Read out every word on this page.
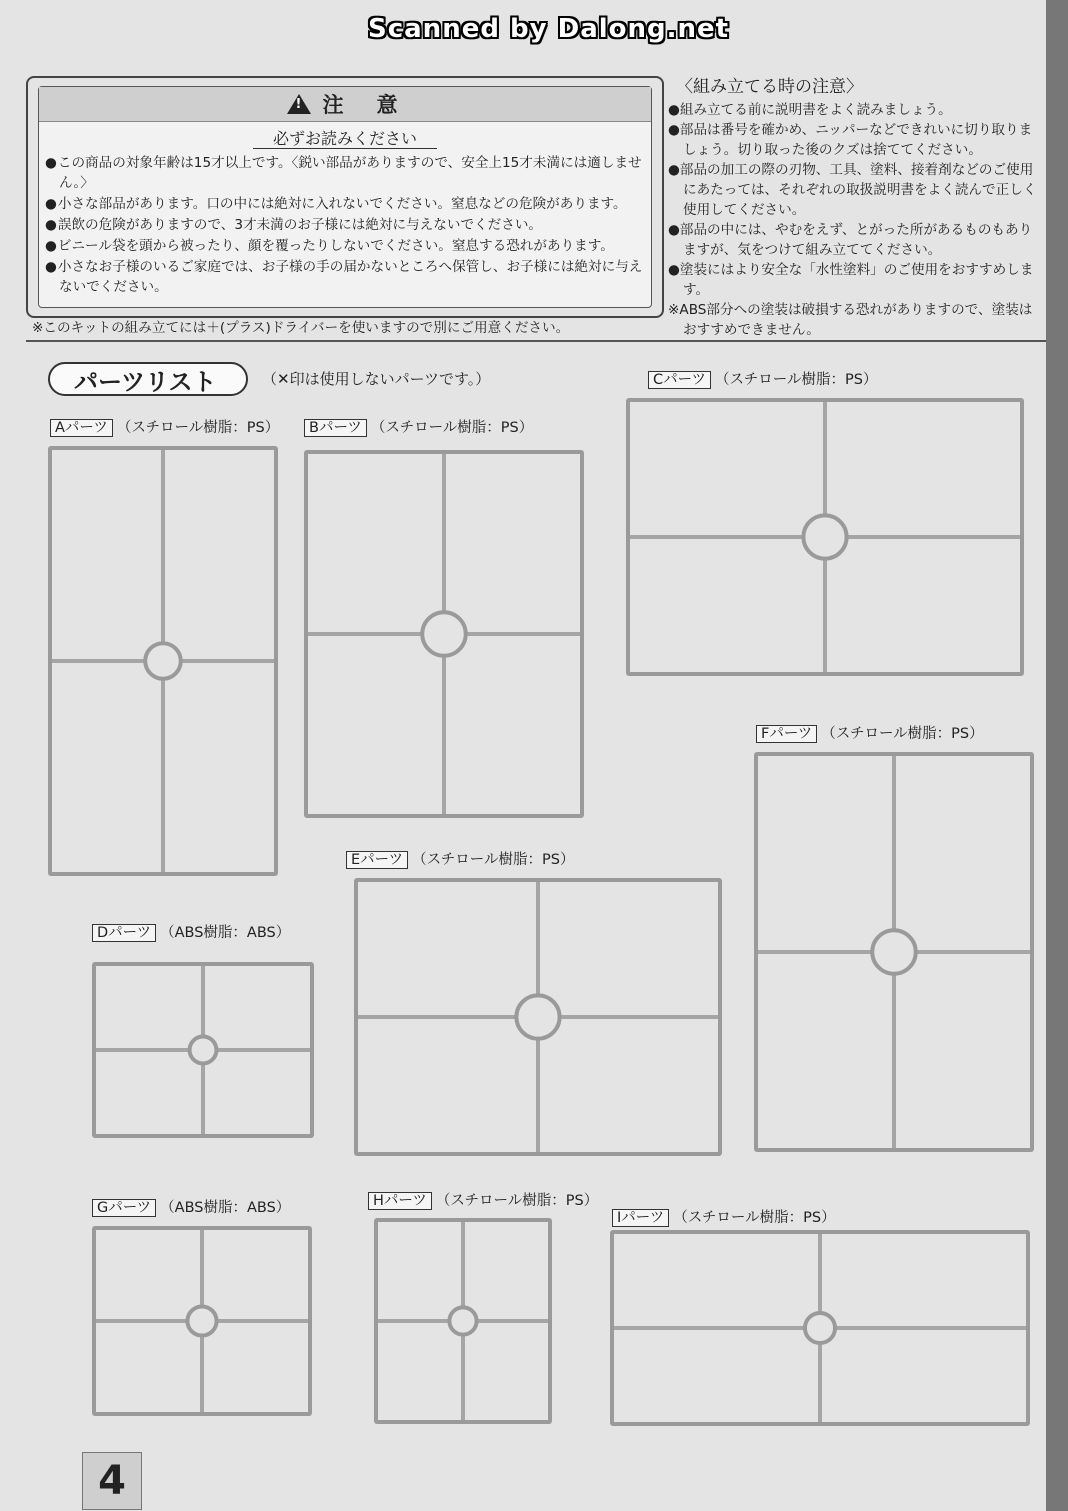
Scanned by Dalong.net
!
注　意
必ずお読みください
● この商品の対象年齢は15才以上です。〈鋭い部品がありますので、安全上15才未満には適しません。〉
● 小さな部品があります。口の中には絶対に入れないでください。窒息などの危険があります。
● 誤飲の危険がありますので、3才未満のお子様には絶対に与えないでください。
● ビニール袋を頭から被ったり、顔を覆ったりしないでください。窒息する恐れがあります。
● 小さなお子様のいるご家庭では、お子様の手の届かないところへ保管し、お子様には絶対に与えないでください。
※このキットの組み立てには＋(プラス)ドライバーを使いますので別にご用意ください。
〈組み立てる時の注意〉
●組み立てる前に説明書をよく読みましょう。
●部品は番号を確かめ、ニッパーなどできれいに切り取りましょう。切り取った後のクズは捨ててください。
●部品の加工の際の刃物、工具、塗料、接着剤などのご使用にあたっては、それぞれの取扱説明書をよく読んで正しく使用してください。
●部品の中には、やむをえず、とがった所があるものもありますが、気をつけて組み立ててください。
●塗装にはより安全な「水性塗料」のご使用をおすすめします。
※ABS部分への塗装は破損する恐れがありますので、塗装はおすすめできません。
パーツリスト	（✕印は使用しないパーツです。）
Aパーツ （スチロール樹脂：PS）	Bパーツ （スチロール樹脂：PS）
Cパーツ （スチロール樹脂：PS）
Dパーツ （ABS樹脂：ABS）
Eパーツ （スチロール樹脂：PS）
Fパーツ （スチロール樹脂：PS）
Gパーツ （ABS樹脂：ABS）	Hパーツ （スチロール樹脂：PS）
Iパーツ （スチロール樹脂：PS）
4
